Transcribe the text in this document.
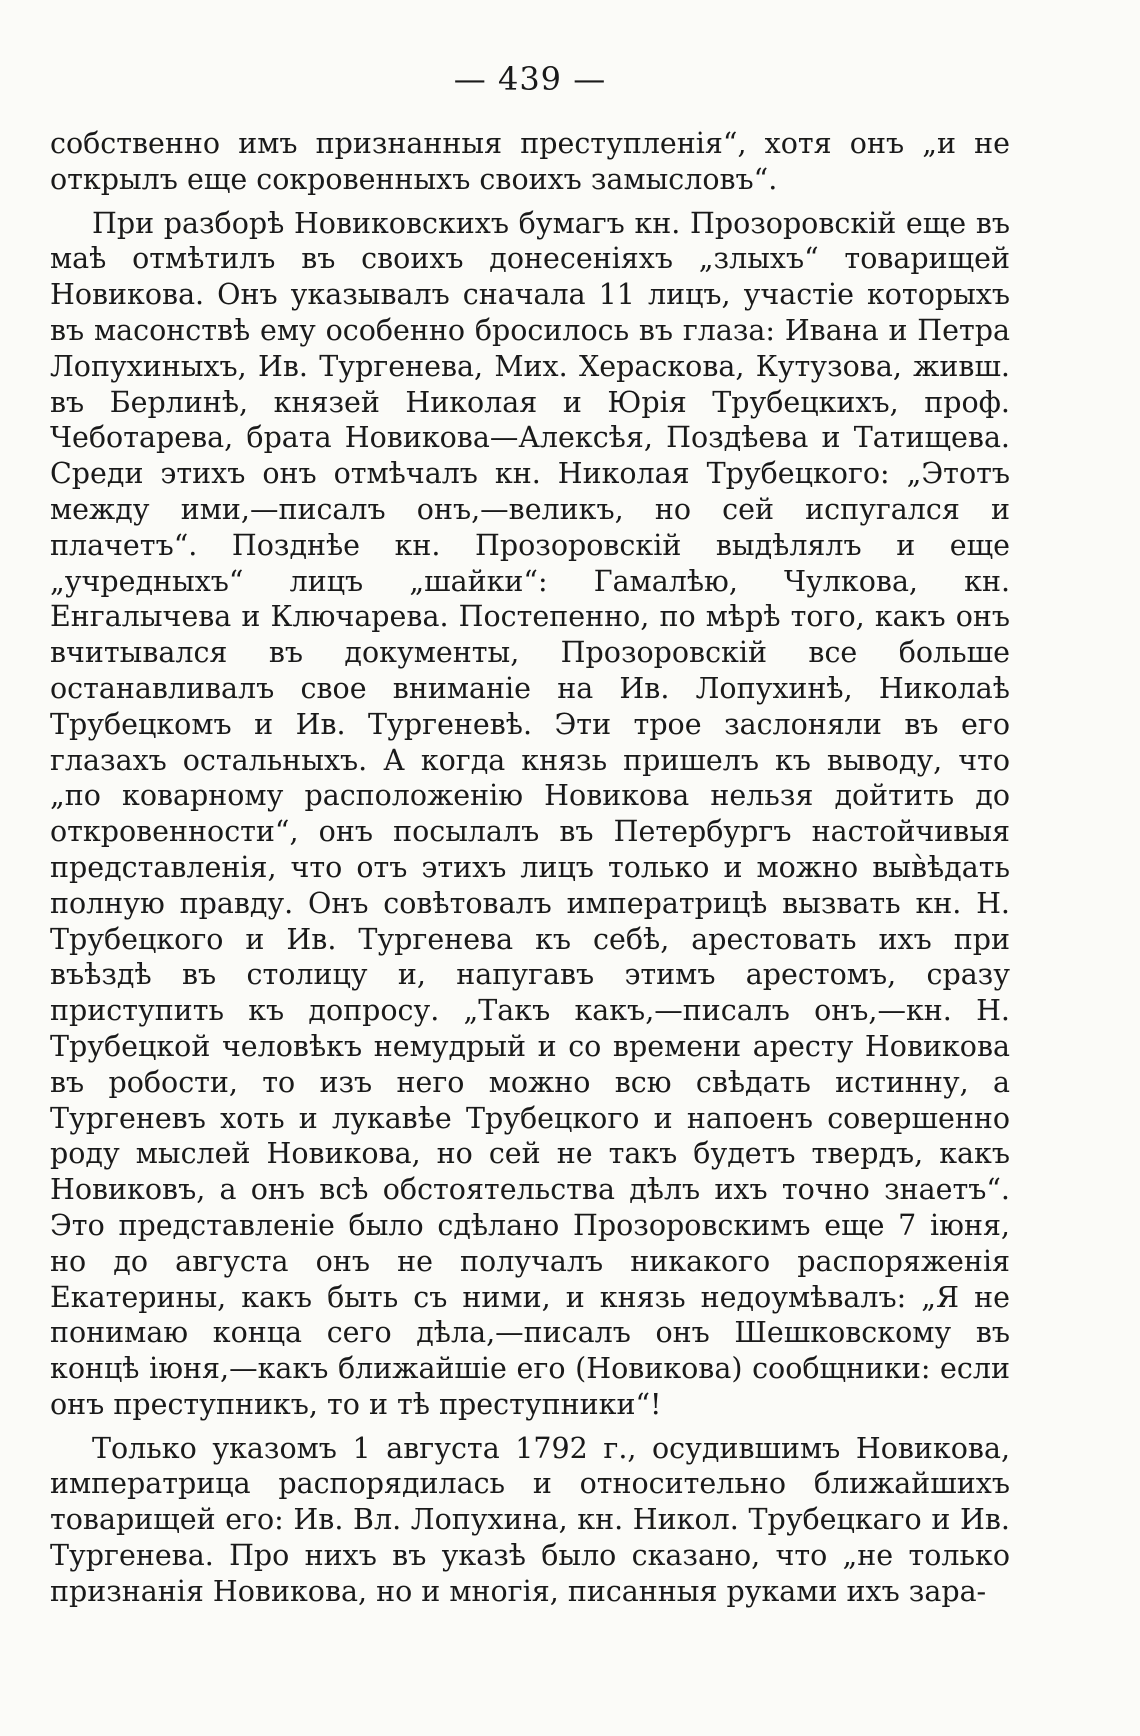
— 439 —

собственно имъ признанныя преступленія“, хотя онъ „и не открылъ еще сокровенныхъ своихъ замысловъ“.

При разборѣ Новиковскихъ бумагъ кн. Прозоровскій еще въ маѣ отмѣтилъ въ своихъ донесеніяхъ „злыхъ“ товарищей Новикова. Онъ указывалъ сначала 11 лицъ, участіе которыхъ въ масонствѣ ему особенно бросилось въ глаза: Ивана и Петра Лопухиныхъ, Ив. Тургенева, Мих. Хераскова, Кутузова, живш. въ Берлинѣ, князей Николая и Юрія Трубецкихъ, проф. Чеботарева, брата Новикова—Алексѣя, Поздѣева и Татищева. Среди этихъ онъ отмѣчалъ кн. Николая Трубецкого: „Этотъ между ими,—писалъ онъ,—великъ, но сей испугался и плачетъ“. Позднѣе кн. Прозоровскій выдѣлялъ и еще „учредныхъ“ лицъ „шайки“: Гамалѣю, Чулкова, кн. Енгалычева и Ключарева. Постепенно, по мѣрѣ того, какъ онъ вчитывался въ документы, Прозоровскій все больше останавливалъ свое вниманіе на Ив. Лопухинѣ, Николаѣ Трубецкомъ и Ив. Тургеневѣ. Эти трое заслоняли въ его глазахъ остальныхъ. А когда князь пришелъ къ выводу, что „по коварному расположенію Новикова нельзя дойтить до откровенности“, онъ посылалъ въ Петербургъ настойчивыя представленія, что отъ этихъ лицъ только и можно выв̀ѣдать полную правду. Онъ совѣтовалъ императрицѣ вызвать кн. Н. Трубецкого и Ив. Тургенева къ себѣ, арестовать ихъ при въѣздѣ въ столицу и, напугавъ этимъ арестомъ, сразу приступить къ допросу. „Такъ какъ,—писалъ онъ,—кн. Н. Трубецкой человѣкъ немудрый и со времени аресту Новикова въ робости, то изъ него можно всю свѣдать истинну, а Тургеневъ хоть и лукавѣе Трубецкого и напоенъ совершенно роду мыслей Новикова, но сей не такъ будетъ твердъ, какъ Новиковъ, а онъ всѣ обстоятельства дѣлъ ихъ точно знаетъ“. Это представленіе было сдѣлано Прозоровскимъ еще 7 іюня, но до августа онъ не получалъ никакого распоряженія Екатерины, какъ быть съ ними, и князь недоумѣвалъ: „Я не понимаю конца сего дѣла,—писалъ онъ Шешковскому въ концѣ іюня,—какъ ближайшіе его (Новикова) сообщники: если онъ преступникъ, то и тѣ преступники“!

Только указомъ 1 августа 1792 г., осудившимъ Новикова, императрица распорядилась и относительно ближайшихъ товарищей его: Ив. Вл. Лопухина, кн. Никол. Трубецкаго и Ив. Тургенева. Про нихъ въ указѣ было сказано, что „не только признанія Новикова, но и многія, писанныя руками ихъ зара-
